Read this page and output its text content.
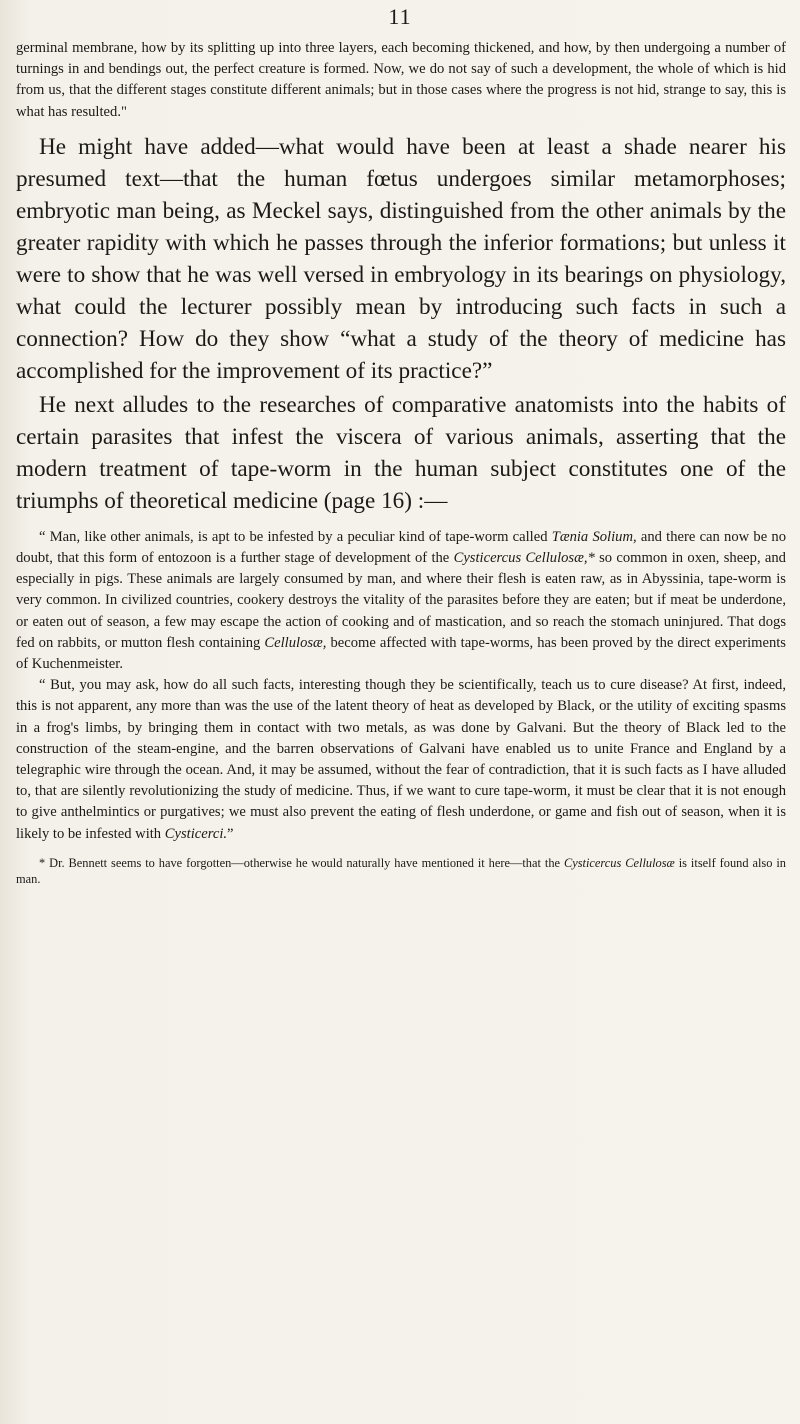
11

germinal membrane, how by its splitting up into three layers, each becoming thickened, and how, by then undergoing a number of turnings in and bendings out, the perfect creature is formed. Now, we do not say of such a development, the whole of which is hid from us, that the different stages constitute different animals; but in those cases where the progress is not hid, strange to say, this is what has resulted."

He might have added—what would have been at least a shade nearer his presumed text—that the human fœtus undergoes similar metamorphoses; embryotic man being, as Meckel says, distinguished from the other animals by the greater rapidity with which he passes through the inferior formations; but unless it were to show that he was well versed in embryology in its bearings on physiology, what could the lecturer possibly mean by introducing such facts in such a connection? How do they show “what a study of the theory of medicine has accomplished for the improvement of its practice?”

He next alludes to the researches of comparative anatomists into the habits of certain parasites that infest the viscera of various animals, asserting that the modern treatment of tape-worm in the human subject constitutes one of the triumphs of theoretical medicine (page 16) :—

“ Man, like other animals, is apt to be infested by a peculiar kind of tape-worm called Tænia Solium, and there can now be no doubt, that this form of entozoon is a further stage of development of the Cysticercus Cellulosæ,* so common in oxen, sheep, and especially in pigs. These animals are largely consumed by man, and where their flesh is eaten raw, as in Abyssinia, tape-worm is very common. In civilized countries, cookery destroys the vitality of the parasites before they are eaten; but if meat be underdone, or eaten out of season, a few may escape the action of cooking and of mastication, and so reach the stomach uninjured. That dogs fed on rabbits, or mutton flesh containing Cellulosæ, become affected with tape-worms, has been proved by the direct experiments of Kuchenmeister.

“ But, you may ask, how do all such facts, interesting though they be scientifically, teach us to cure disease? At first, indeed, this is not apparent, any more than was the use of the latent theory of heat as developed by Black, or the utility of exciting spasms in a frog's limbs, by bringing them in contact with two metals, as was done by Galvani. But the theory of Black led to the construction of the steam-engine, and the barren observations of Galvani have enabled us to unite France and England by a telegraphic wire through the ocean. And, it may be assumed, without the fear of contradiction, that it is such facts as I have alluded to, that are silently revolutionizing the study of medicine. Thus, if we want to cure tape-worm, it must be clear that it is not enough to give anthelmintics or purgatives; we must also prevent the eating of flesh underdone, or game and fish out of season, when it is likely to be infested with Cysticerci.”

* Dr. Bennett seems to have forgotten—otherwise he would naturally have mentioned it here—that the Cysticercus Cellulosæ is itself found also in man.
